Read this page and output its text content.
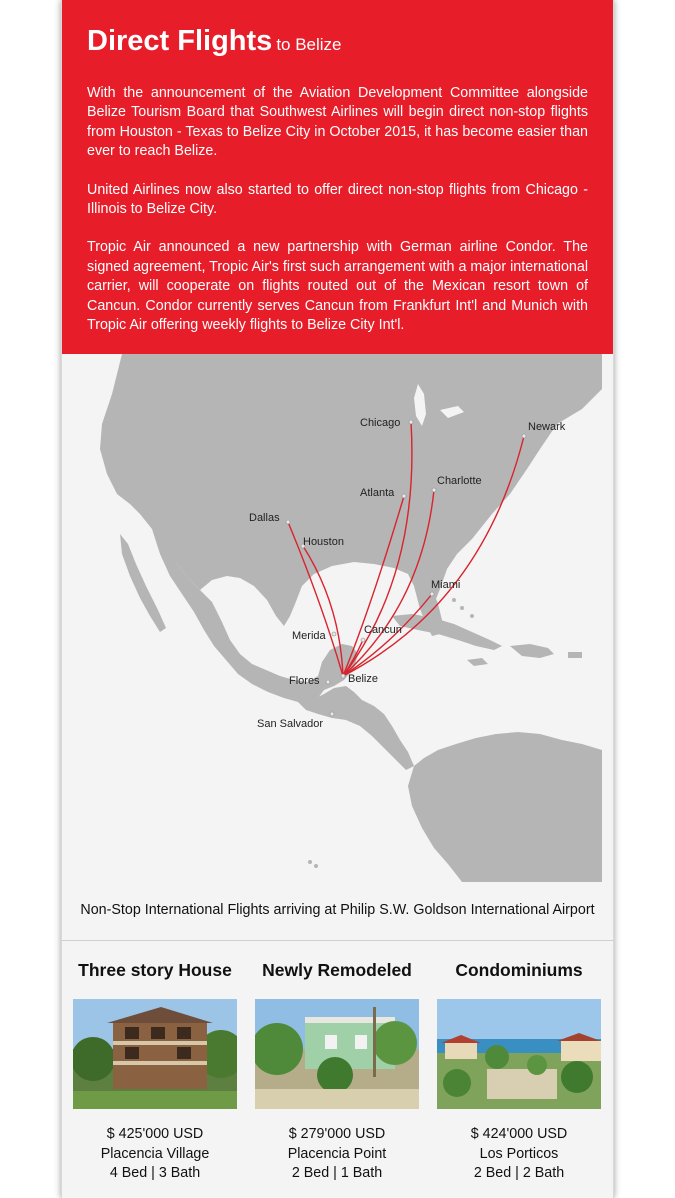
Direct Flights to Belize

With the announcement of the Aviation Development Committee alongside Belize Tourism Board that Southwest Airlines will begin direct non-stop flights from Houston - Texas to Belize City in October 2015, it has become easier than ever to reach Belize.

United Airlines now also started to offer direct non-stop flights from Chicago - Illinois to Belize City.

Tropic Air announced a new partnership with German airline Condor. The signed agreement, Tropic Air's first such arrangement with a major international carrier, will cooperate on flights routed out of the Mexican resort town of Cancun. Condor currently serves Cancun from Frankfurt Int'l and Munich with Tropic Air offering weekly flights to Belize City Int'l.

Chicago	Newark
Charlotte
Atlanta
Dallas
Houston
Miami
Merida	Cancun
Flores	Belize
San Salvador
Non-Stop International Flights arriving at Philip S.W. Goldson International Airport
Three story House
$ 425'000 USD
Placencia Village
4 Bed | 3 Bath
Newly Remodeled
$ 279'000 USD
Placencia Point
2 Bed | 1 Bath
Condominiums
$ 424'000 USD
Los Porticos
2 Bed | 2 Bath
